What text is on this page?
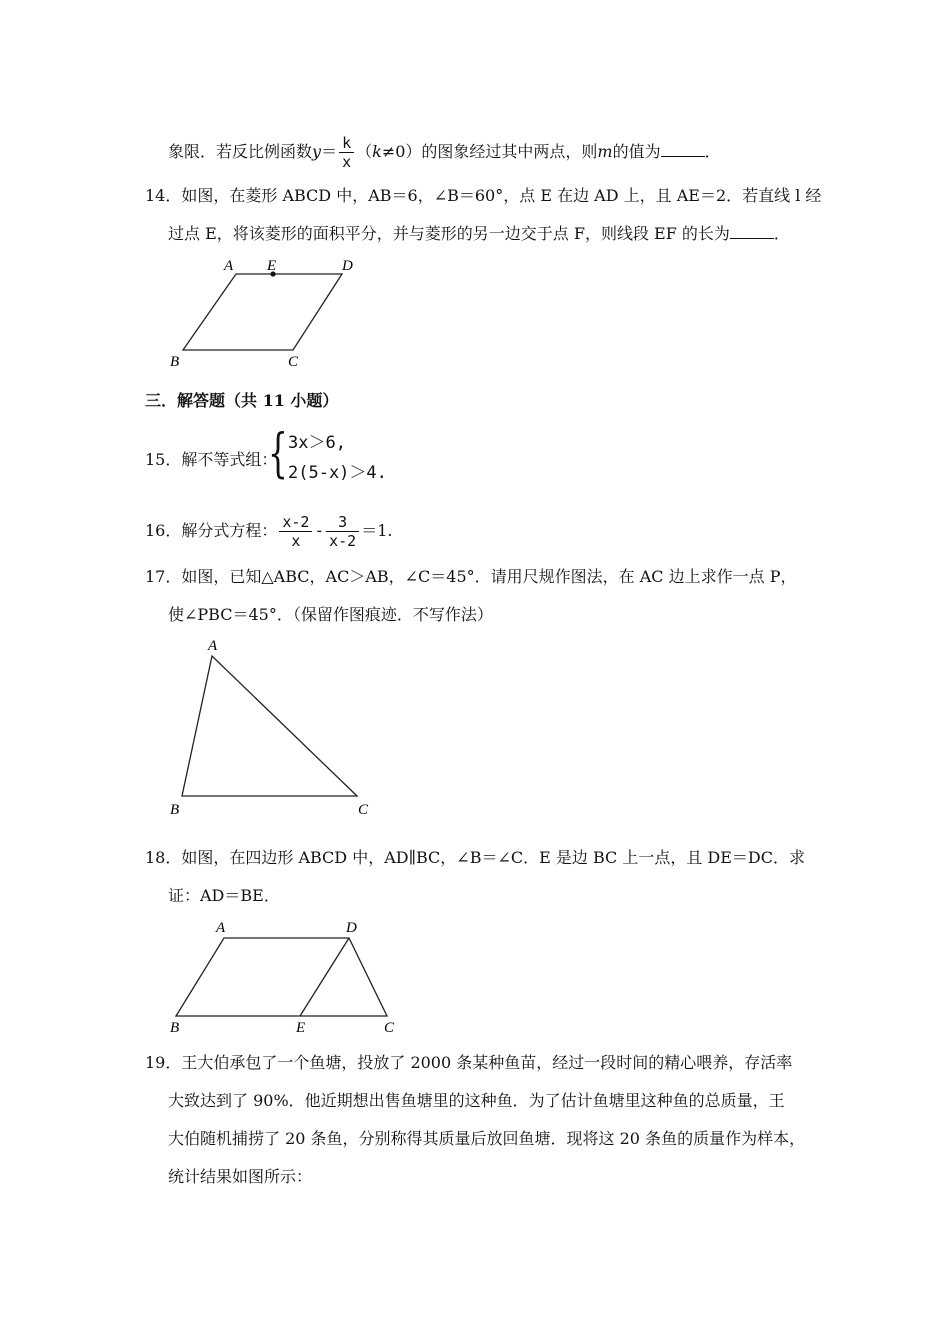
象限．若反比例函数$y= \frac{k}{x} (k\ne 0)$的图象经过其中两点，则m的值为	．
14．如图，在菱形 ABCD 中，AB＝6，∠B＝60°，点 E 在边 AD 上，且 AE＝2．若直线 l 经
过点 E，将该菱形的面积平分，并与菱形的另一边交于点 F，则线段 EF 的长为	．
A E	D
B	C
三．解答题（共 11 小题）
15．解不等式组：
{ 3x＞6,
2(5-x)＞4.
16．解分式方程： $\frac{x-2}{x} - \frac{3}{x-2} =1$.
17．如图，已知△ABC，AC＞AB，∠C＝45°．请用尺规作图法，在 AC 边上求作一点 P，
使∠PBC＝45°．（保留作图痕迹．不写作法）
A
B	C
18．如图，在四边形 ABCD 中，AD∥BC，∠B＝∠C．E 是边 BC 上一点，且 DE＝DC．求
证：AD＝BE．
A	D
B	E	C
19．王大伯承包了一个鱼塘，投放了 2000 条某种鱼苗，经过一段时间的精心喂养，存活率
大致达到了 90%．他近期想出售鱼塘里的这种鱼．为了估计鱼塘里这种鱼的总质量，王
大伯随机捕捞了 20 条鱼，分别称得其质量后放回鱼塘．现将这 20 条鱼的质量作为样本，
统计结果如图所示：
